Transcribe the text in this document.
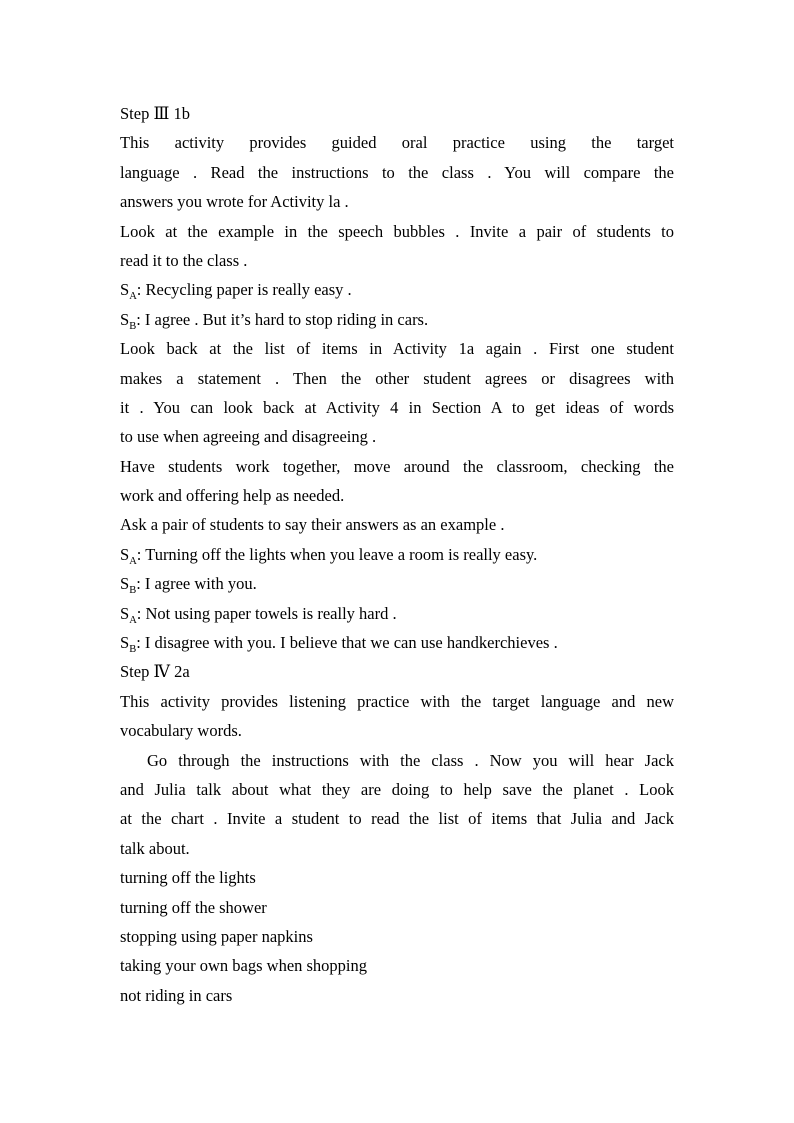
Step Ⅲ 1b
This activity provides guided oral practice using the target
language . Read the instructions to the class . You will compare the
answers you wrote for Activity la .
Look at the example in the speech bubbles . Invite a pair of students to
read it to the class .
$S_A$: Recycling paper is really easy .
$S_B$: I agree . But it’s hard to stop riding in cars.
Look back at the list of items in Activity 1a again . First one student
makes a statement . Then the other student agrees or disagrees with
it . You can look back at Activity 4 in Section A to get ideas of words
to use when agreeing and disagreeing .
Have students work together, move around the classroom, checking the
work and offering help as needed.
Ask a pair of students to say their answers as an example .
$S_A$: Turning off the lights when you leave a room is really easy.
$S_B$: I agree with you.
$S_A$: Not using paper towels is really hard .
$S_B$: I disagree with you. I believe that we can use handkerchieves .
Step Ⅳ 2a
This activity provides listening practice with the target language and new
vocabulary words.
Go through the instructions with the class . Now you will hear Jack
and Julia talk about what they are doing to help save the planet . Look
at the chart . Invite a student to read the list of items that Julia and Jack
talk about.
turning off the lights
turning off the shower
stopping using paper napkins
taking your own bags when shopping
not riding in cars
